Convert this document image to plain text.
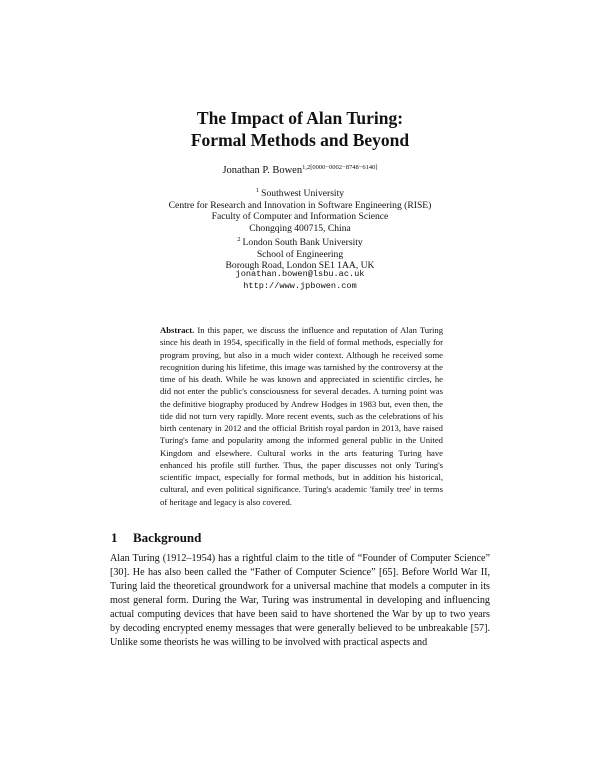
The Impact of Alan Turing:
Formal Methods and Beyond
Jonathan P. Bowen$^{1,2[0000-0002-8748-6140]}$
$^1$ Southwest University
Centre for Research and Innovation in Software Engineering (RISE)
Faculty of Computer and Information Science
Chongqing 400715, China
$^2$ London South Bank University
School of Engineering
Borough Road, London SE1 1AA, UK
jonathan.bowen@lsbu.ac.uk
http://www.jpbowen.com
Abstract. In this paper, we discuss the influence and reputation of Alan Turing since his death in 1954, specifically in the field of formal methods, especially for program proving, but also in a much wider context. Although he received some recognition during his lifetime, this image was tarnished by the controversy at the time of his death. While he was known and appreciated in scientific circles, he did not enter the public's consciousness for several decades. A turning point was the definitive biography produced by Andrew Hodges in 1983 but, even then, the tide did not turn very rapidly. More recent events, such as the celebrations of his birth centenary in 2012 and the official British royal pardon in 2013, have raised Turing's fame and popularity among the informed general public in the United Kingdom and elsewhere. Cultural works in the arts featuring Turing have enhanced his profile still further. Thus, the paper discusses not only Turing's scientific impact, especially for formal methods, but in addition his historical, cultural, and even political significance. Turing's academic 'family tree' in terms of heritage and legacy is also covered.
1 Background

Alan Turing (1912–1954) has a rightful claim to the title of “Founder of Computer Science” [30]. He has also been called the “Father of Computer Science” [65]. Before World War II, Turing laid the theoretical groundwork for a universal machine that models a computer in its most general form. During the War, Turing was instrumental in developing and influencing actual computing devices that have been said to have shortened the War by up to two years by decoding encrypted enemy messages that were generally believed to be unbreakable [57]. Unlike some theorists he was willing to be involved with practical aspects and
